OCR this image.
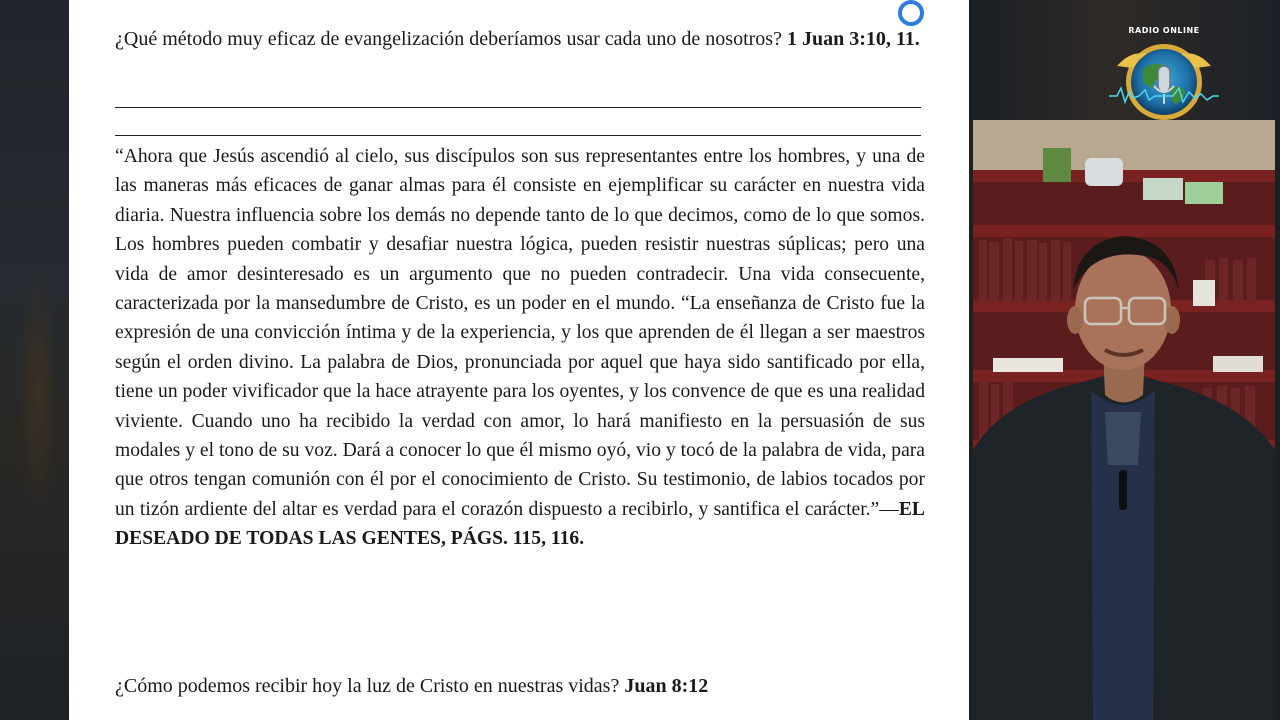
¿Qué método muy eficaz de evangelización deberíamos usar cada uno de nosotros? 1 Juan 3:10, 11.

“Ahora que Jesús ascendió al cielo, sus discípulos son sus representantes entre los hombres, y una de las maneras más eficaces de ganar almas para él consiste en ejemplificar su carácter en nuestra vida diaria. Nuestra influencia sobre los demás no depende tanto de lo que decimos, como de lo que somos. Los hombres pueden combatir y desafiar nuestra lógica, pueden resistir nuestras súplicas; pero una vida de amor desinteresado es un argumento que no pueden contradecir. Una vida consecuente, caracterizada por la mansedumbre de Cristo, es un poder en el mundo. “La enseñanza de Cristo fue la expresión de una convicción íntima y de la experiencia, y los que aprenden de él llegan a ser maestros según el orden divino. La palabra de Dios, pronunciada por aquel que haya sido santificado por ella, tiene un poder vivificador que la hace atrayente para los oyentes, y los convence de que es una realidad viviente. Cuando uno ha recibido la verdad con amor, lo hará manifiesto en la persuasión de sus modales y el tono de su voz. Dará a conocer lo que él mismo oyó, vio y tocó de la palabra de vida, para que otros tengan comunión con él por el conocimiento de Cristo. Su testimonio, de labios tocados por un tizón ardiente del altar es verdad para el corazón dispuesto a recibirlo, y santifica el carácter.”—EL DESEADO DE TODAS LAS GENTES, PÁGS. 115, 116.

¿Cómo podemos recibir hoy la luz de Cristo en nuestras vidas? Juan 8:12
RADIO ONLINE
